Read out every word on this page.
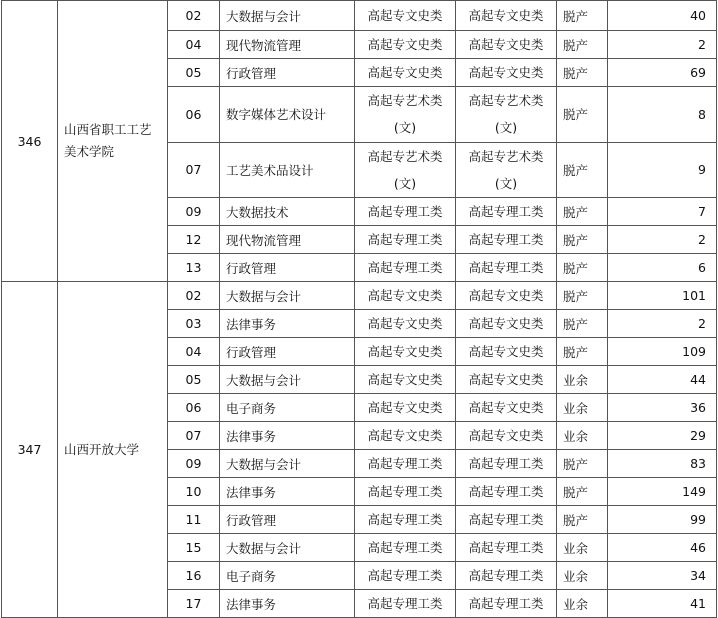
346	山西省职工工艺美术学院	02	大数据与会计	高起专文史类	高起专文史类	脱产	40
		04	现代物流管理	高起专文史类	高起专文史类	脱产	2
		05	行政管理	高起专文史类	高起专文史类	脱产	69
		06	数字媒体艺术设计	高起专艺术类(文)	高起专艺术类(文)	脱产	8
		07	工艺美术品设计	高起专艺术类(文)	高起专艺术类(文)	脱产	9
		09	大数据技术	高起专理工类	高起专理工类	脱产	7
		12	现代物流管理	高起专理工类	高起专理工类	脱产	2
		13	行政管理	高起专理工类	高起专理工类	脱产	6
347	山西开放大学	02	大数据与会计	高起专文史类	高起专文史类	脱产	101
		03	法律事务	高起专文史类	高起专文史类	脱产	2
		04	行政管理	高起专文史类	高起专文史类	脱产	109
		05	大数据与会计	高起专文史类	高起专文史类	业余	44
		06	电子商务	高起专文史类	高起专文史类	业余	36
		07	法律事务	高起专文史类	高起专文史类	业余	29
		09	大数据与会计	高起专理工类	高起专理工类	脱产	83
		10	法律事务	高起专理工类	高起专理工类	脱产	149
		11	行政管理	高起专理工类	高起专理工类	脱产	99
		15	大数据与会计	高起专理工类	高起专理工类	业余	46
		16	电子商务	高起专理工类	高起专理工类	业余	34
		17	法律事务	高起专理工类	高起专理工类	业余	41
